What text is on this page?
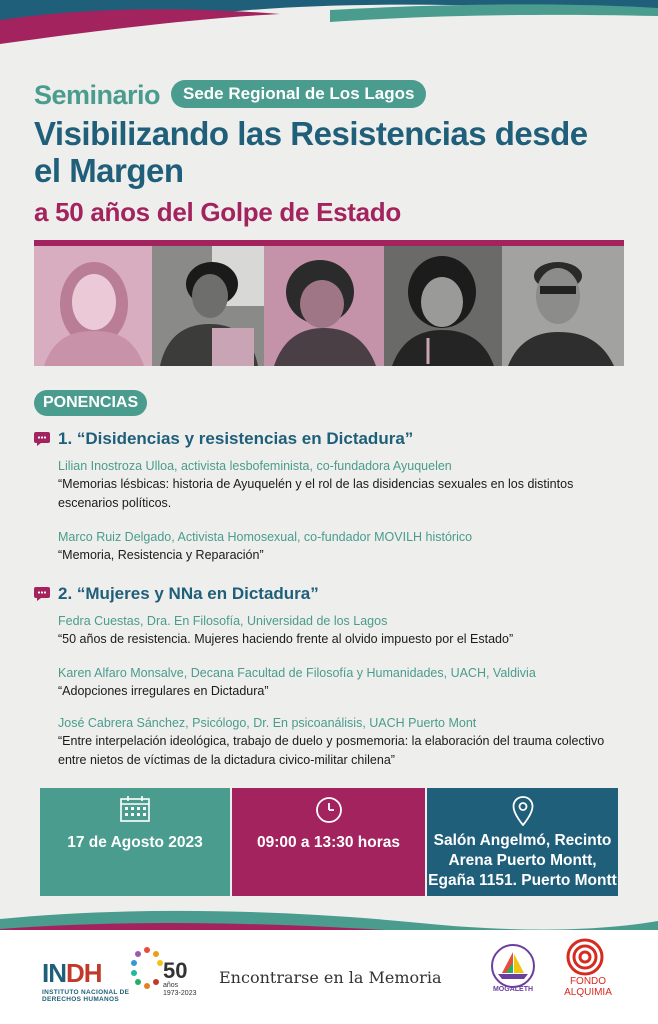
Seminario	Sede Regional de Los Lagos
Visibilizando las Resistencias desde el Margen
a 50 años del Golpe de Estado
PONENCIAS
1. “Disidencias y resistencias en Dictadura”
Lilian Inostroza Ulloa, activista lesbofeminista, co-fundadora Ayuquelen
“Memorias lésbicas: historia de Ayuquelén y el rol de las disidencias sexuales en los distintos escenarios políticos.
Marco Ruiz Delgado, Activista Homosexual, co-fundador MOVILH histórico
“Memoria, Resistencia y Reparación”
2. “Mujeres y NNa en Dictadura”
Fedra Cuestas, Dra. En Filosofía, Universidad de los Lagos
“50 años de resistencia. Mujeres haciendo frente al olvido impuesto por el Estado”
Karen Alfaro Monsalve, Decana Facultad de Filosofía y Humanidades, UACH, Valdivia
“Adopciones irregulares en Dictadura”
José Cabrera Sánchez, Psicólogo, Dr. En psicoanálisis, UACH Puerto Mont
“Entre interpelación ideológica, trabajo de duelo y posmemoria: la elaboración del trauma colectivo entre nietos de víctimas de la dictadura civico-militar chilena”
17 de Agosto 2023	09:00 a 13:30 horas	Salón Angelmó, Recinto
Arena Puerto Montt,
Egaña 1151. Puerto Montt
INDH
INSTITUTO NACIONAL DE
DERECHOS HUMANOS
50
años
1973-2023
Encontrarse en la Memoria
MOGALETH
FONDO
ALQUIMIA
